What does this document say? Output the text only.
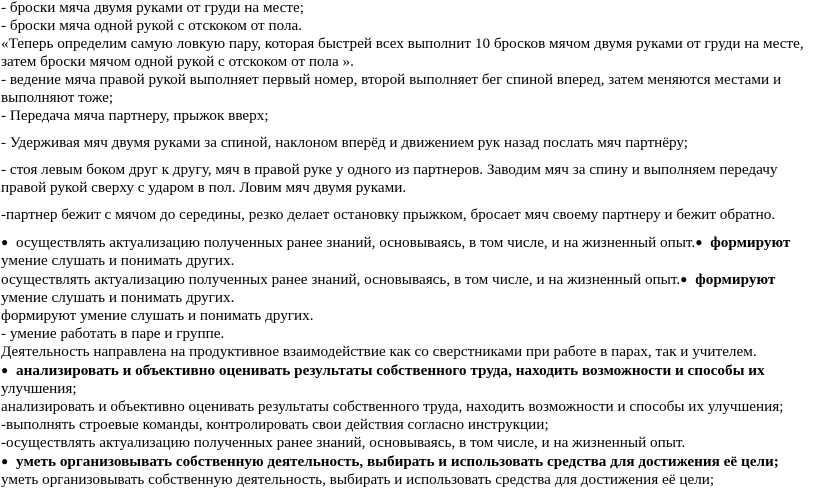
- броски мяча двумя руками от груди на месте;

- броски мяча одной рукой с отскоком от пола.

«Теперь определим самую ловкую пару, которая быстрей всех выполнит 10 бросков мячом двумя руками от груди на месте, затем броски мячом одной рукой с отскоком от пола ».

- ведение мяча правой рукой выполняет первый номер, второй выполняет бег спиной вперед, затем меняются местами и выполняют тоже;

- Передача мяча партнеру, прыжок вверх;

- Удерживая мяч двумя руками за спиной, наклоном вперёд и движением рук назад послать мяч партнёру;

- стоя левым боком друг к другу, мяч в правой руке у одного из партнеров. Заводим мяч за спину и выполняем передачу правой рукой сверху с ударом в пол. Ловим мяч двумя руками.

-партнер бежит с мячом до середины, резко делает остановку прыжком, бросает мяч своему партнеру и бежит обратно.

● осуществлять актуализацию полученных ранее знаний, основываясь, в том числе, и на жизненный опыт.● формируют
умение слушать и понимать других.

осуществлять актуализацию полученных ранее знаний, основываясь, в том числе, и на жизненный опыт.● формируют
умение слушать и понимать других.

формируют умение слушать и понимать других.

- умение работать в паре и группе.

Деятельность направлена на продуктивное взаимодействие как со сверстниками при работе в парах, так и учителем.

● анализировать и объективно оценивать результаты собственного труда, находить возможности и способы их
улучшения;

анализировать и объективно оценивать результаты собственного труда, находить возможности и способы их улучшения;

-выполнять строевые команды, контролировать свои действия согласно инструкции;

-осуществлять актуализацию полученных ранее знаний, основываясь, в том числе, и на жизненный опыт.

● уметь организовывать собственную деятельность, выбирать и использовать средства для достижения её цели;

уметь организовывать собственную деятельность, выбирать и использовать средства для достижения её цели;
